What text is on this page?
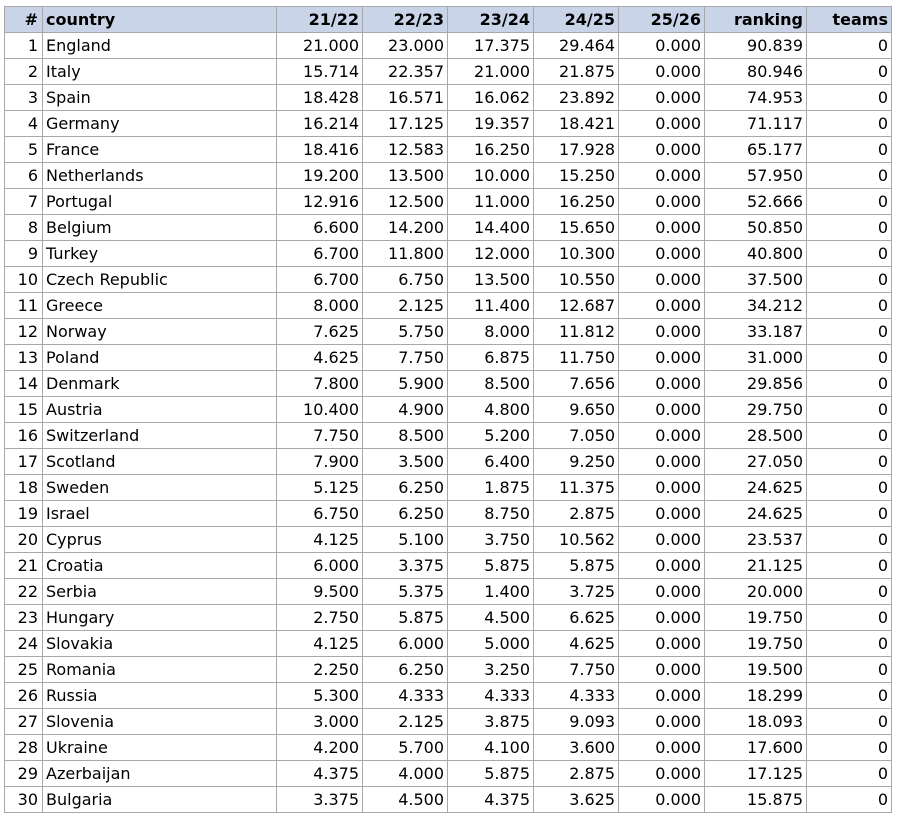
#	country	21/22	22/23	23/24	24/25	25/26	ranking	teams
1	England	21.000	23.000	17.375	29.464	0.000	90.839	0
2	Italy	15.714	22.357	21.000	21.875	0.000	80.946	0
3	Spain	18.428	16.571	16.062	23.892	0.000	74.953	0
4	Germany	16.214	17.125	19.357	18.421	0.000	71.117	0
5	France	18.416	12.583	16.250	17.928	0.000	65.177	0
6	Netherlands	19.200	13.500	10.000	15.250	0.000	57.950	0
7	Portugal	12.916	12.500	11.000	16.250	0.000	52.666	0
8	Belgium	6.600	14.200	14.400	15.650	0.000	50.850	0
9	Turkey	6.700	11.800	12.000	10.300	0.000	40.800	0
10	Czech Republic	6.700	6.750	13.500	10.550	0.000	37.500	0
11	Greece	8.000	2.125	11.400	12.687	0.000	34.212	0
12	Norway	7.625	5.750	8.000	11.812	0.000	33.187	0
13	Poland	4.625	7.750	6.875	11.750	0.000	31.000	0
14	Denmark	7.800	5.900	8.500	7.656	0.000	29.856	0
15	Austria	10.400	4.900	4.800	9.650	0.000	29.750	0
16	Switzerland	7.750	8.500	5.200	7.050	0.000	28.500	0
17	Scotland	7.900	3.500	6.400	9.250	0.000	27.050	0
18	Sweden	5.125	6.250	1.875	11.375	0.000	24.625	0
19	Israel	6.750	6.250	8.750	2.875	0.000	24.625	0
20	Cyprus	4.125	5.100	3.750	10.562	0.000	23.537	0
21	Croatia	6.000	3.375	5.875	5.875	0.000	21.125	0
22	Serbia	9.500	5.375	1.400	3.725	0.000	20.000	0
23	Hungary	2.750	5.875	4.500	6.625	0.000	19.750	0
24	Slovakia	4.125	6.000	5.000	4.625	0.000	19.750	0
25	Romania	2.250	6.250	3.250	7.750	0.000	19.500	0
26	Russia	5.300	4.333	4.333	4.333	0.000	18.299	0
27	Slovenia	3.000	2.125	3.875	9.093	0.000	18.093	0
28	Ukraine	4.200	5.700	4.100	3.600	0.000	17.600	0
29	Azerbaijan	4.375	4.000	5.875	2.875	0.000	17.125	0
30	Bulgaria	3.375	4.500	4.375	3.625	0.000	15.875	0
